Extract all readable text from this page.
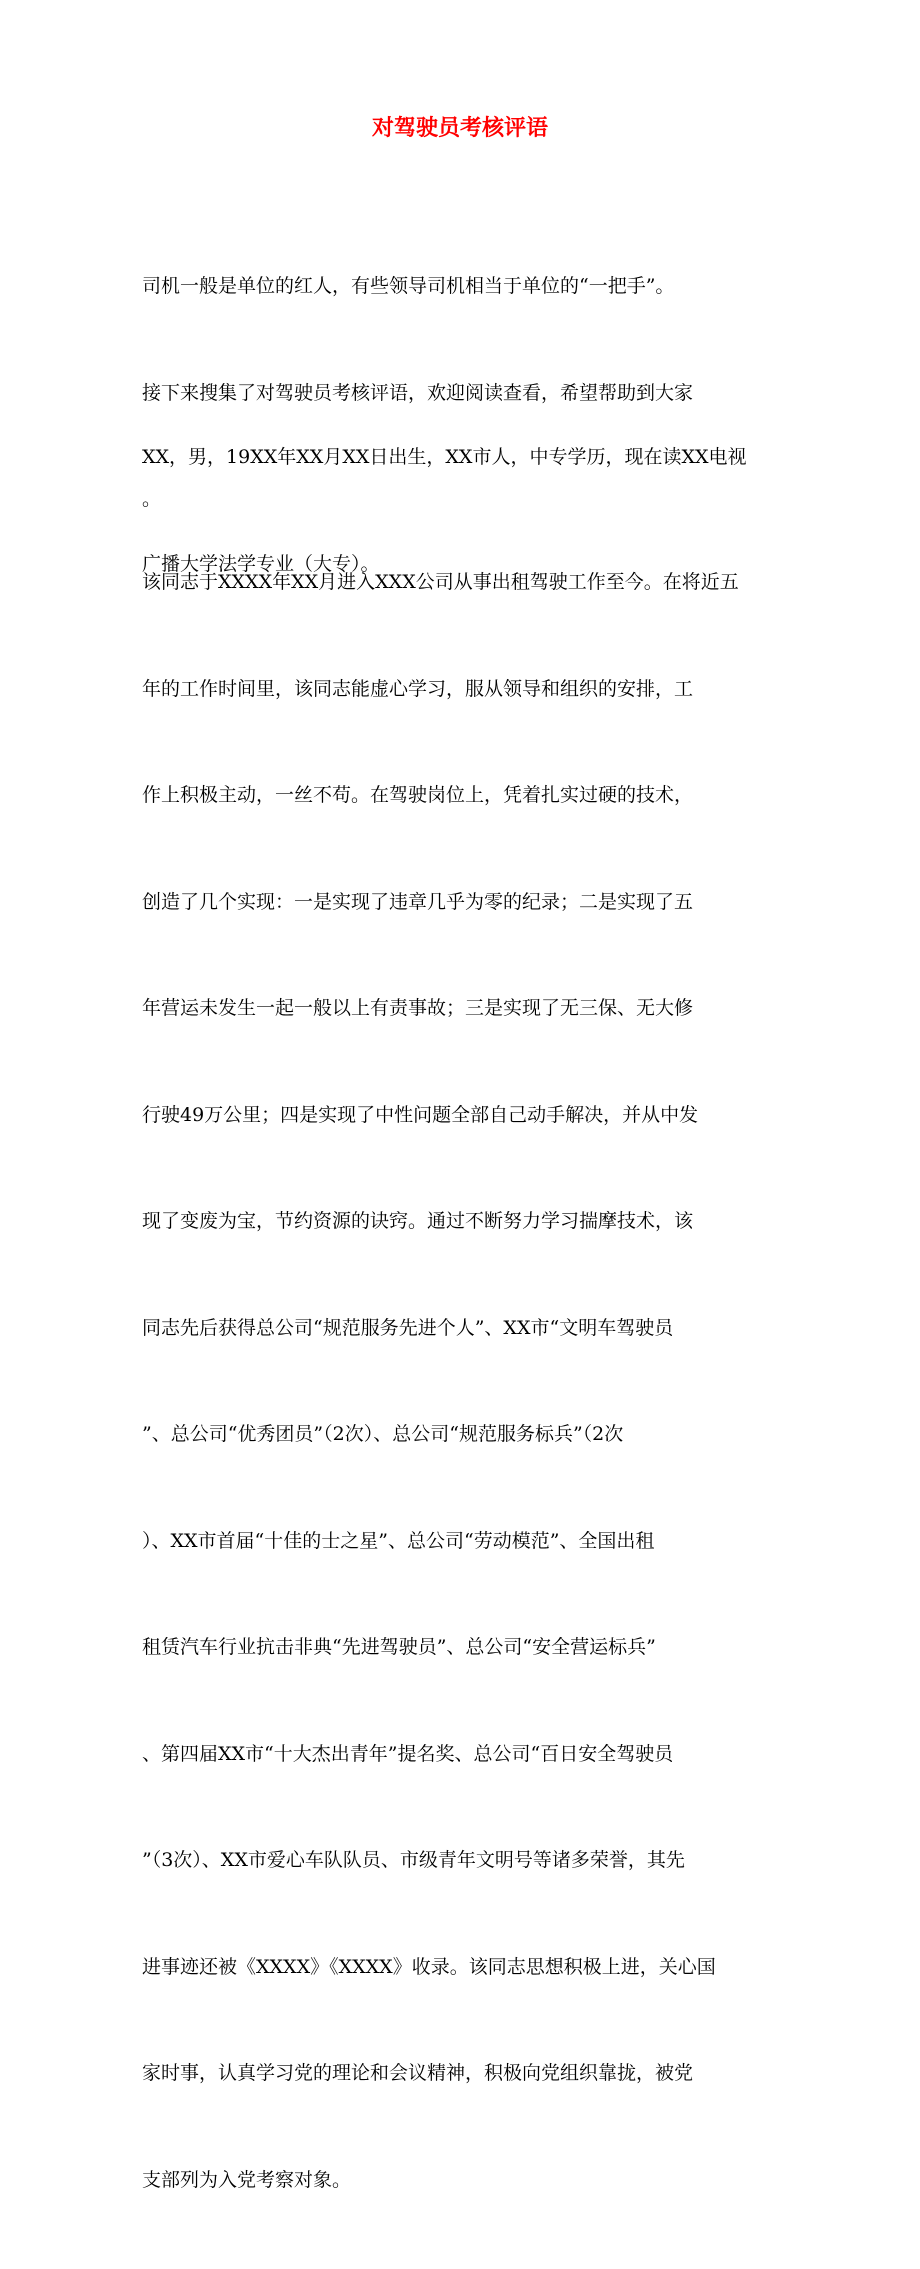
对驾驶员考核评语

司机一般是单位的红人，有些领导司机相当于单位的“一把手”。

接下来搜集了对驾驶员考核评语，欢迎阅读查看，希望帮助到大家

。

XX，男，19XX年XX月XX日出生，XX市人，中专学历，现在读XX电视

广播大学法学专业（大专）。

该同志于XXXX年XX月进入XXX公司从事出租驾驶工作至今。在将近五

年的工作时间里，该同志能虚心学习，服从领导和组织的安排，工

作上积极主动，一丝不苟。在驾驶岗位上，凭着扎实过硬的技术，

创造了几个实现：一是实现了违章几乎为零的纪录；二是实现了五

年营运未发生一起一般以上有责事故；三是实现了无三保、无大修

行驶49万公里；四是实现了中性问题全部自己动手解决，并从中发

现了变废为宝，节约资源的诀窍。通过不断努力学习揣摩技术，该

同志先后获得总公司“规范服务先进个人”、XX市“文明车驾驶员

”、总公司“优秀团员”（2次）、总公司“规范服务标兵”（2次

）、XX市首届“十佳的士之星”、总公司“劳动模范”、全国出租

租赁汽车行业抗击非典“先进驾驶员”、总公司“安全营运标兵”

、第四届XX市“十大杰出青年”提名奖、总公司“百日安全驾驶员

”（3次）、XX市爱心车队队员、市级青年文明号等诸多荣誉，其先

进事迹还被《XXXX》《XXXX》收录。该同志思想积极上进，关心国

家时事，认真学习党的理论和会议精神，积极向党组织靠拢，被党

支部列为入党考察对象。
